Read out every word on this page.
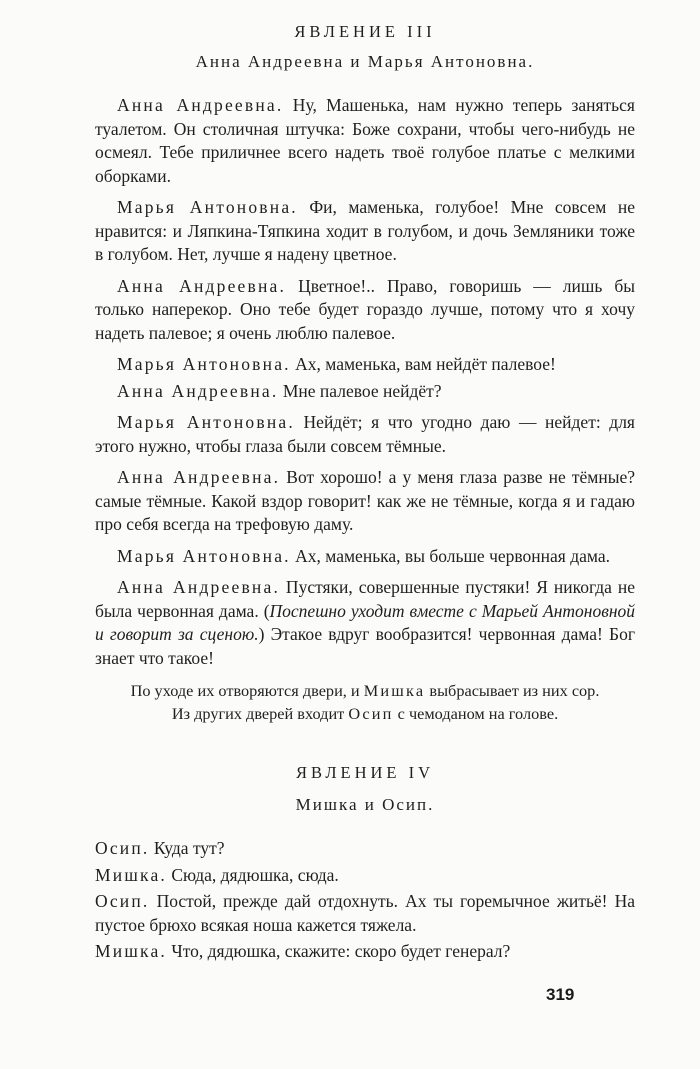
ЯВЛЕНИЕ III

Анна Андреевна и Марья Антоновна.

Анна Андреевна. Ну, Машенька, нам нужно теперь заняться туалетом. Он столичная штучка: Боже сохрани, чтобы чего-нибудь не осмеял. Тебе приличнее всего надеть твоё голубое платье с мелкими оборками.

Марья Антоновна. Фи, маменька, голубое! Мне совсем не нравится: и Ляпкина-Тяпкина ходит в голубом, и дочь Земляники тоже в голубом. Нет, лучше я надену цветное.

Анна Андреевна. Цветное!.. Право, говоришь — лишь бы только наперекор. Оно тебе будет гораздо лучше, потому что я хочу надеть палевое; я очень люблю палевое.

Марья Антоновна. Ах, маменька, вам нейдёт палевое!

Анна Андреевна. Мне палевое нейдёт?

Марья Антоновна. Нейдёт; я что угодно даю — нейдет: для этого нужно, чтобы глаза были совсем тёмные.

Анна Андреевна. Вот хорошо! а у меня глаза разве не тёмные? самые тёмные. Какой вздор говорит! как же не тёмные, когда я и гадаю про себя всегда на трефовую даму.

Марья Антоновна. Ах, маменька, вы больше червонная дама.

Анна Андреевна. Пустяки, совершенные пустяки! Я никогда не была червонная дама. (Поспешно уходит вместе с Марьей Антоновной и говорит за сценою.) Этакое вдруг вообразится! червонная дама! Бог знает что такое!

По уходе их отворяются двери, и Мишка выбрасывает из них сор.
Из других дверей входит Осип с чемоданом на голове.

ЯВЛЕНИЕ IV

Мишка и Осип.

Осип. Куда тут?

Мишка. Сюда, дядюшка, сюда.

Осип. Постой, прежде дай отдохнуть. Ах ты горемычное житьё! На пустое брюхо всякая ноша кажется тяжела.

Мишка. Что, дядюшка, скажите: скоро будет генерал?

319
